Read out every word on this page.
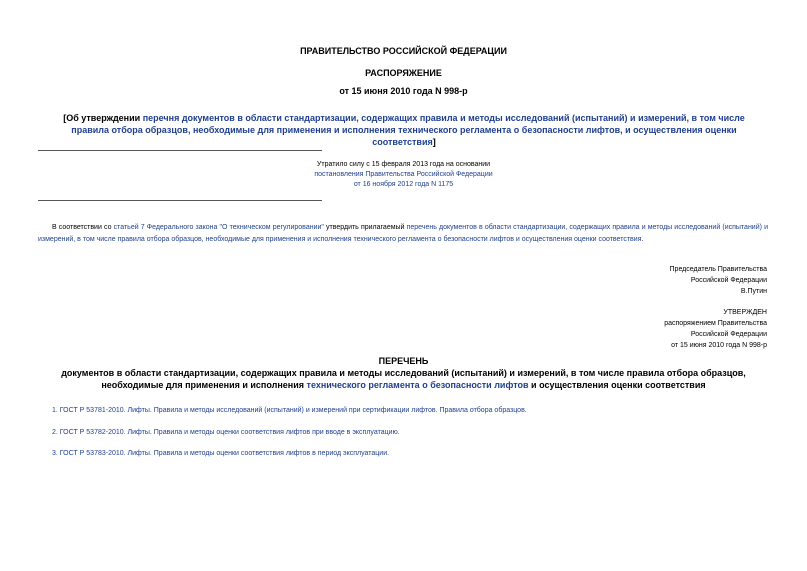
ПРАВИТЕЛЬСТВО РОССИЙСКОЙ ФЕДЕРАЦИИ
РАСПОРЯЖЕНИЕ
от 15 июня 2010 года N 998-р
[Об утверждении перечня документов в области стандартизации, содержащих правила и методы исследований (испытаний) и измерений, в том числе правила отбора образцов, необходимые для применения и исполнения технического регламента о безопасности лифтов, и осуществления оценки соответствия]
Утратило силу с 15 февраля 2013 года на основании
постановления Правительства Российской Федерации
от 16 ноября 2012 года N 1175
В соответствии со статьей 7 Федерального закона "О техническом регулировании" утвердить прилагаемый перечень документов в области стандартизации, содержащих правила и методы исследований (испытаний) и измерений, в том числе правила отбора образцов, необходимые для применения и исполнения технического регламента о безопасности лифтов и осуществления оценки соответствия.
Председатель Правительства
Российской Федерации
В.Путин
УТВЕРЖДЕН
распоряжением Правительства
Российской Федерации
от 15 июня 2010 года N 998-р
ПЕРЕЧЕНЬ
документов в области стандартизации, содержащих правила и методы исследований (испытаний) и измерений, в том числе правила отбора образцов,
необходимые для применения и исполнения технического регламента о безопасности лифтов и осуществления оценки соответствия
1. ГОСТ Р 53781-2010. Лифты. Правила и методы исследований (испытаний) и измерений при сертификации лифтов. Правила отбора образцов.
2. ГОСТ Р 53782-2010. Лифты. Правила и методы оценки соответствия лифтов при вводе в эксплуатацию.
3. ГОСТ Р 53783-2010. Лифты. Правила и методы оценки соответствия лифтов в период эксплуатации.
